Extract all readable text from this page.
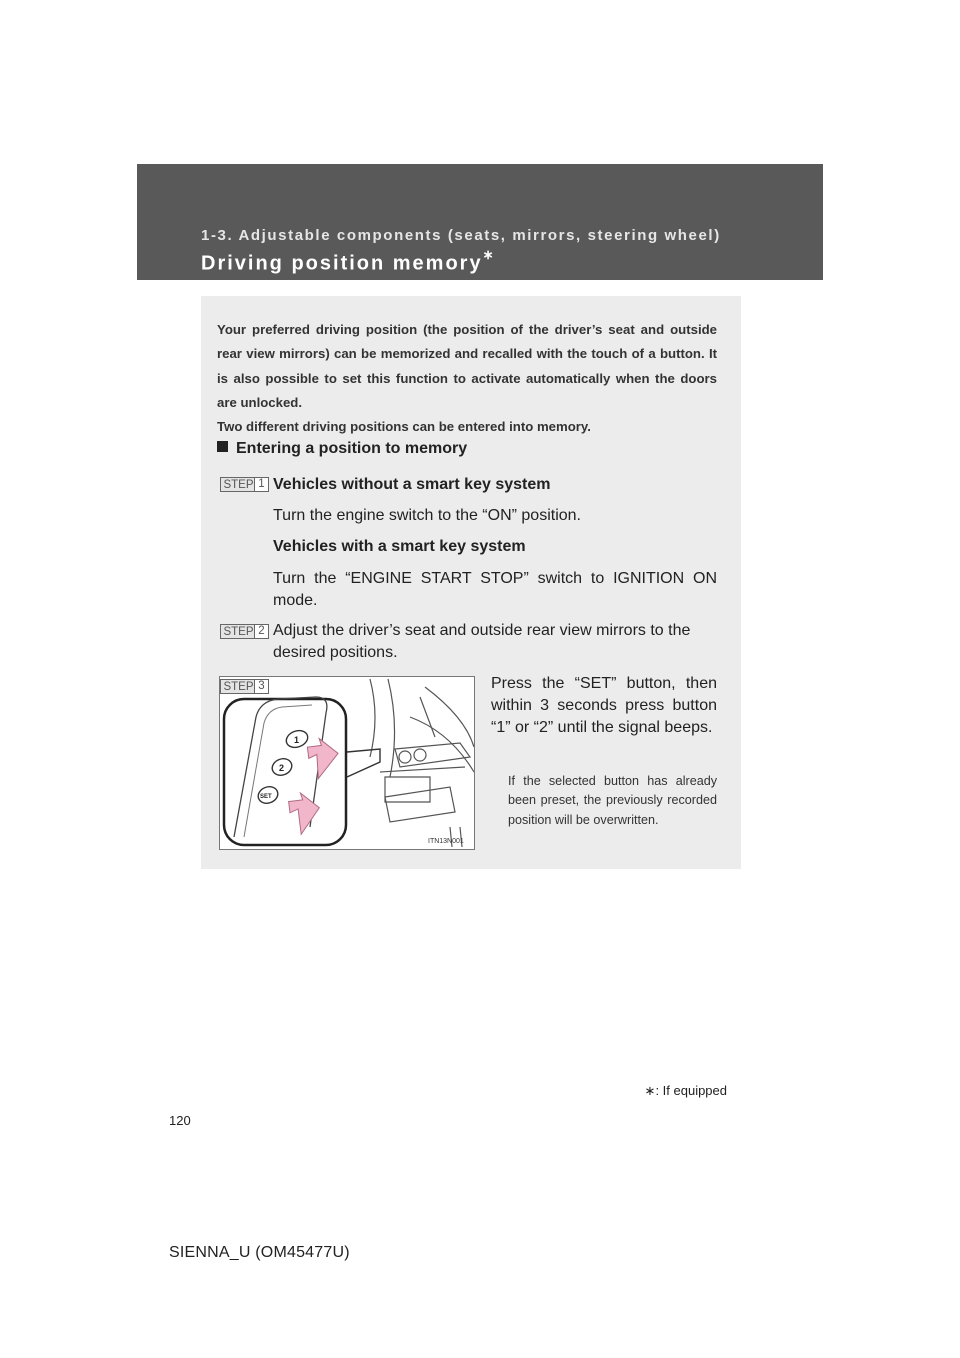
1-3. Adjustable components (seats, mirrors, steering wheel)
Driving position memory∗

Your preferred driving position (the position of the driver’s seat and outside rear view mirrors) can be memorized and recalled with the touch of a button. It is also possible to set this function to activate automatically when the doors are unlocked.

Two different driving positions can be entered into memory.

Entering a position to memory
STEP 1 Vehicles without a smart key system
Turn the engine switch to the “ON” position.
Vehicles with a smart key system
Turn the “ENGINE START STOP” switch to IGNITION ON mode.
STEP 2 Adjust the driver’s seat and outside rear view mirrors to the desired positions.
STEP 3
1
2
SET
ITN13N001
Press the “SET” button, then within 3 seconds press button “1” or “2” until the signal beeps.
If the selected button has already been preset, the previously recorded position will be overwritten.
∗: If equipped
120
SIENNA_U (OM45477U)
